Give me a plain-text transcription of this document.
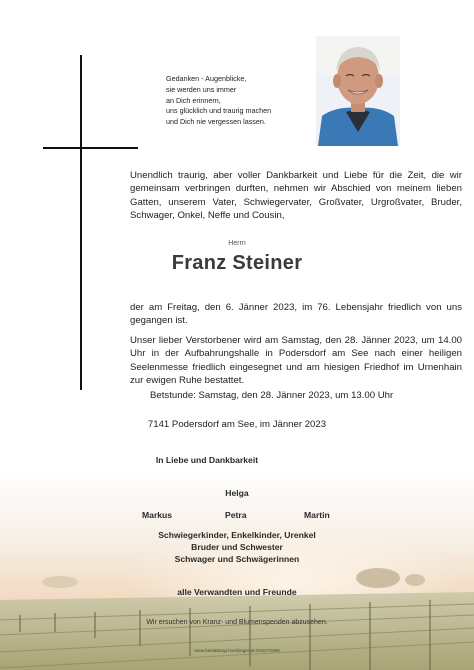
Gedanken - Augenblicke,
sie werden uns immer
an Dich erinnern,
uns glücklich und traurig machen
und Dich nie vergessen lassen.
Unendlich traurig, aber voller Dankbarkeit und Liebe für die Zeit, die wir gemeinsam verbringen durften, nehmen wir Abschied von meinem lieben Gatten, unserem Vater, Schwiegervater, Großvater, Urgroßvater, Bruder, Schwager, Onkel, Neffe und Cousin,
Herrn
Franz Steiner
der am Freitag, den 6. Jänner 2023, im 76. Lebensjahr friedlich von uns gegangen ist.
Unser lieber Verstorbener wird am Samstag, den 28. Jänner 2023, um 14.00 Uhr in der Aufbahrungshalle in Podersdorf am See nach einer heiligen Seelenmesse friedlich eingesegnet und am hiesigen Friedhof im Urnenhain zur ewigen Ruhe bestattet.
Betstunde: Samstag, den 28. Jänner 2023, um 13.00 Uhr
7141 Podersdorf am See, im Jänner 2023
In Liebe und Dankbarkeit
Helga
Markus	Petra	Martin
Schwiegerkinder, Enkelkinder, Urenkel
Bruder und Schwester
Schwager und Schwägerinnen
alle Verwandten und Freunde
Wir ersuchen von Kranz- und Blumenspenden abzusehen.
www.bestattung-hoelzinger.at 02167/2596
